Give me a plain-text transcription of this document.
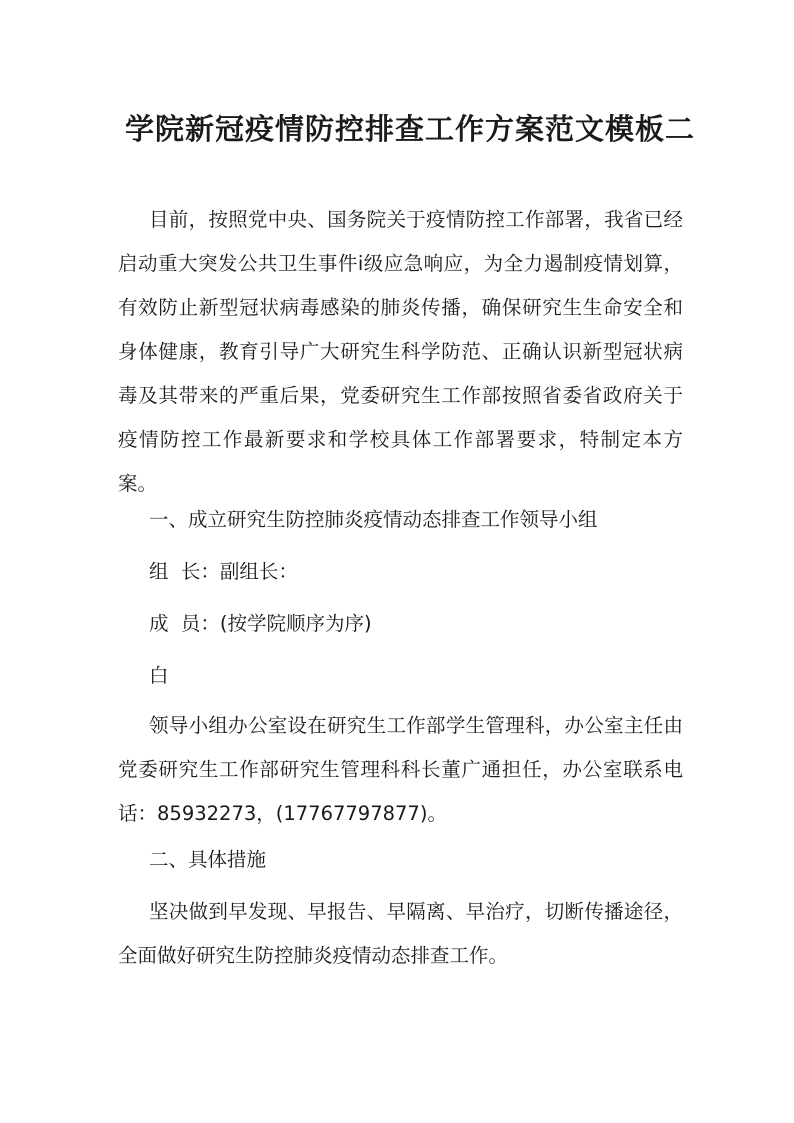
学院新冠疫情防控排查工作方案范文模板二

目前，按照党中央、国务院关于疫情防控工作部署，我省已经启动重大突发公共卫生事件ⅰ级应急响应，为全力遏制疫情划算，有效防止新型冠状病毒感染的肺炎传播，确保研究生生命安全和身体健康，教育引导广大研究生科学防范、正确认识新型冠状病毒及其带来的严重后果，党委研究生工作部按照省委省政府关于疫情防控工作最新要求和学校具体工作部署要求，特制定本方案。

一、成立研究生防控肺炎疫情动态排查工作领导小组

组  长：副组长：

成  员：(按学院顺序为序)

白

领导小组办公室设在研究生工作部学生管理科，办公室主任由党委研究生工作部研究生管理科科长董广通担任，办公室联系电话：85932273，(17767797877)。

二、具体措施

坚决做到早发现、早报告、早隔离、早治疗，切断传播途径，全面做好研究生防控肺炎疫情动态排查工作。
